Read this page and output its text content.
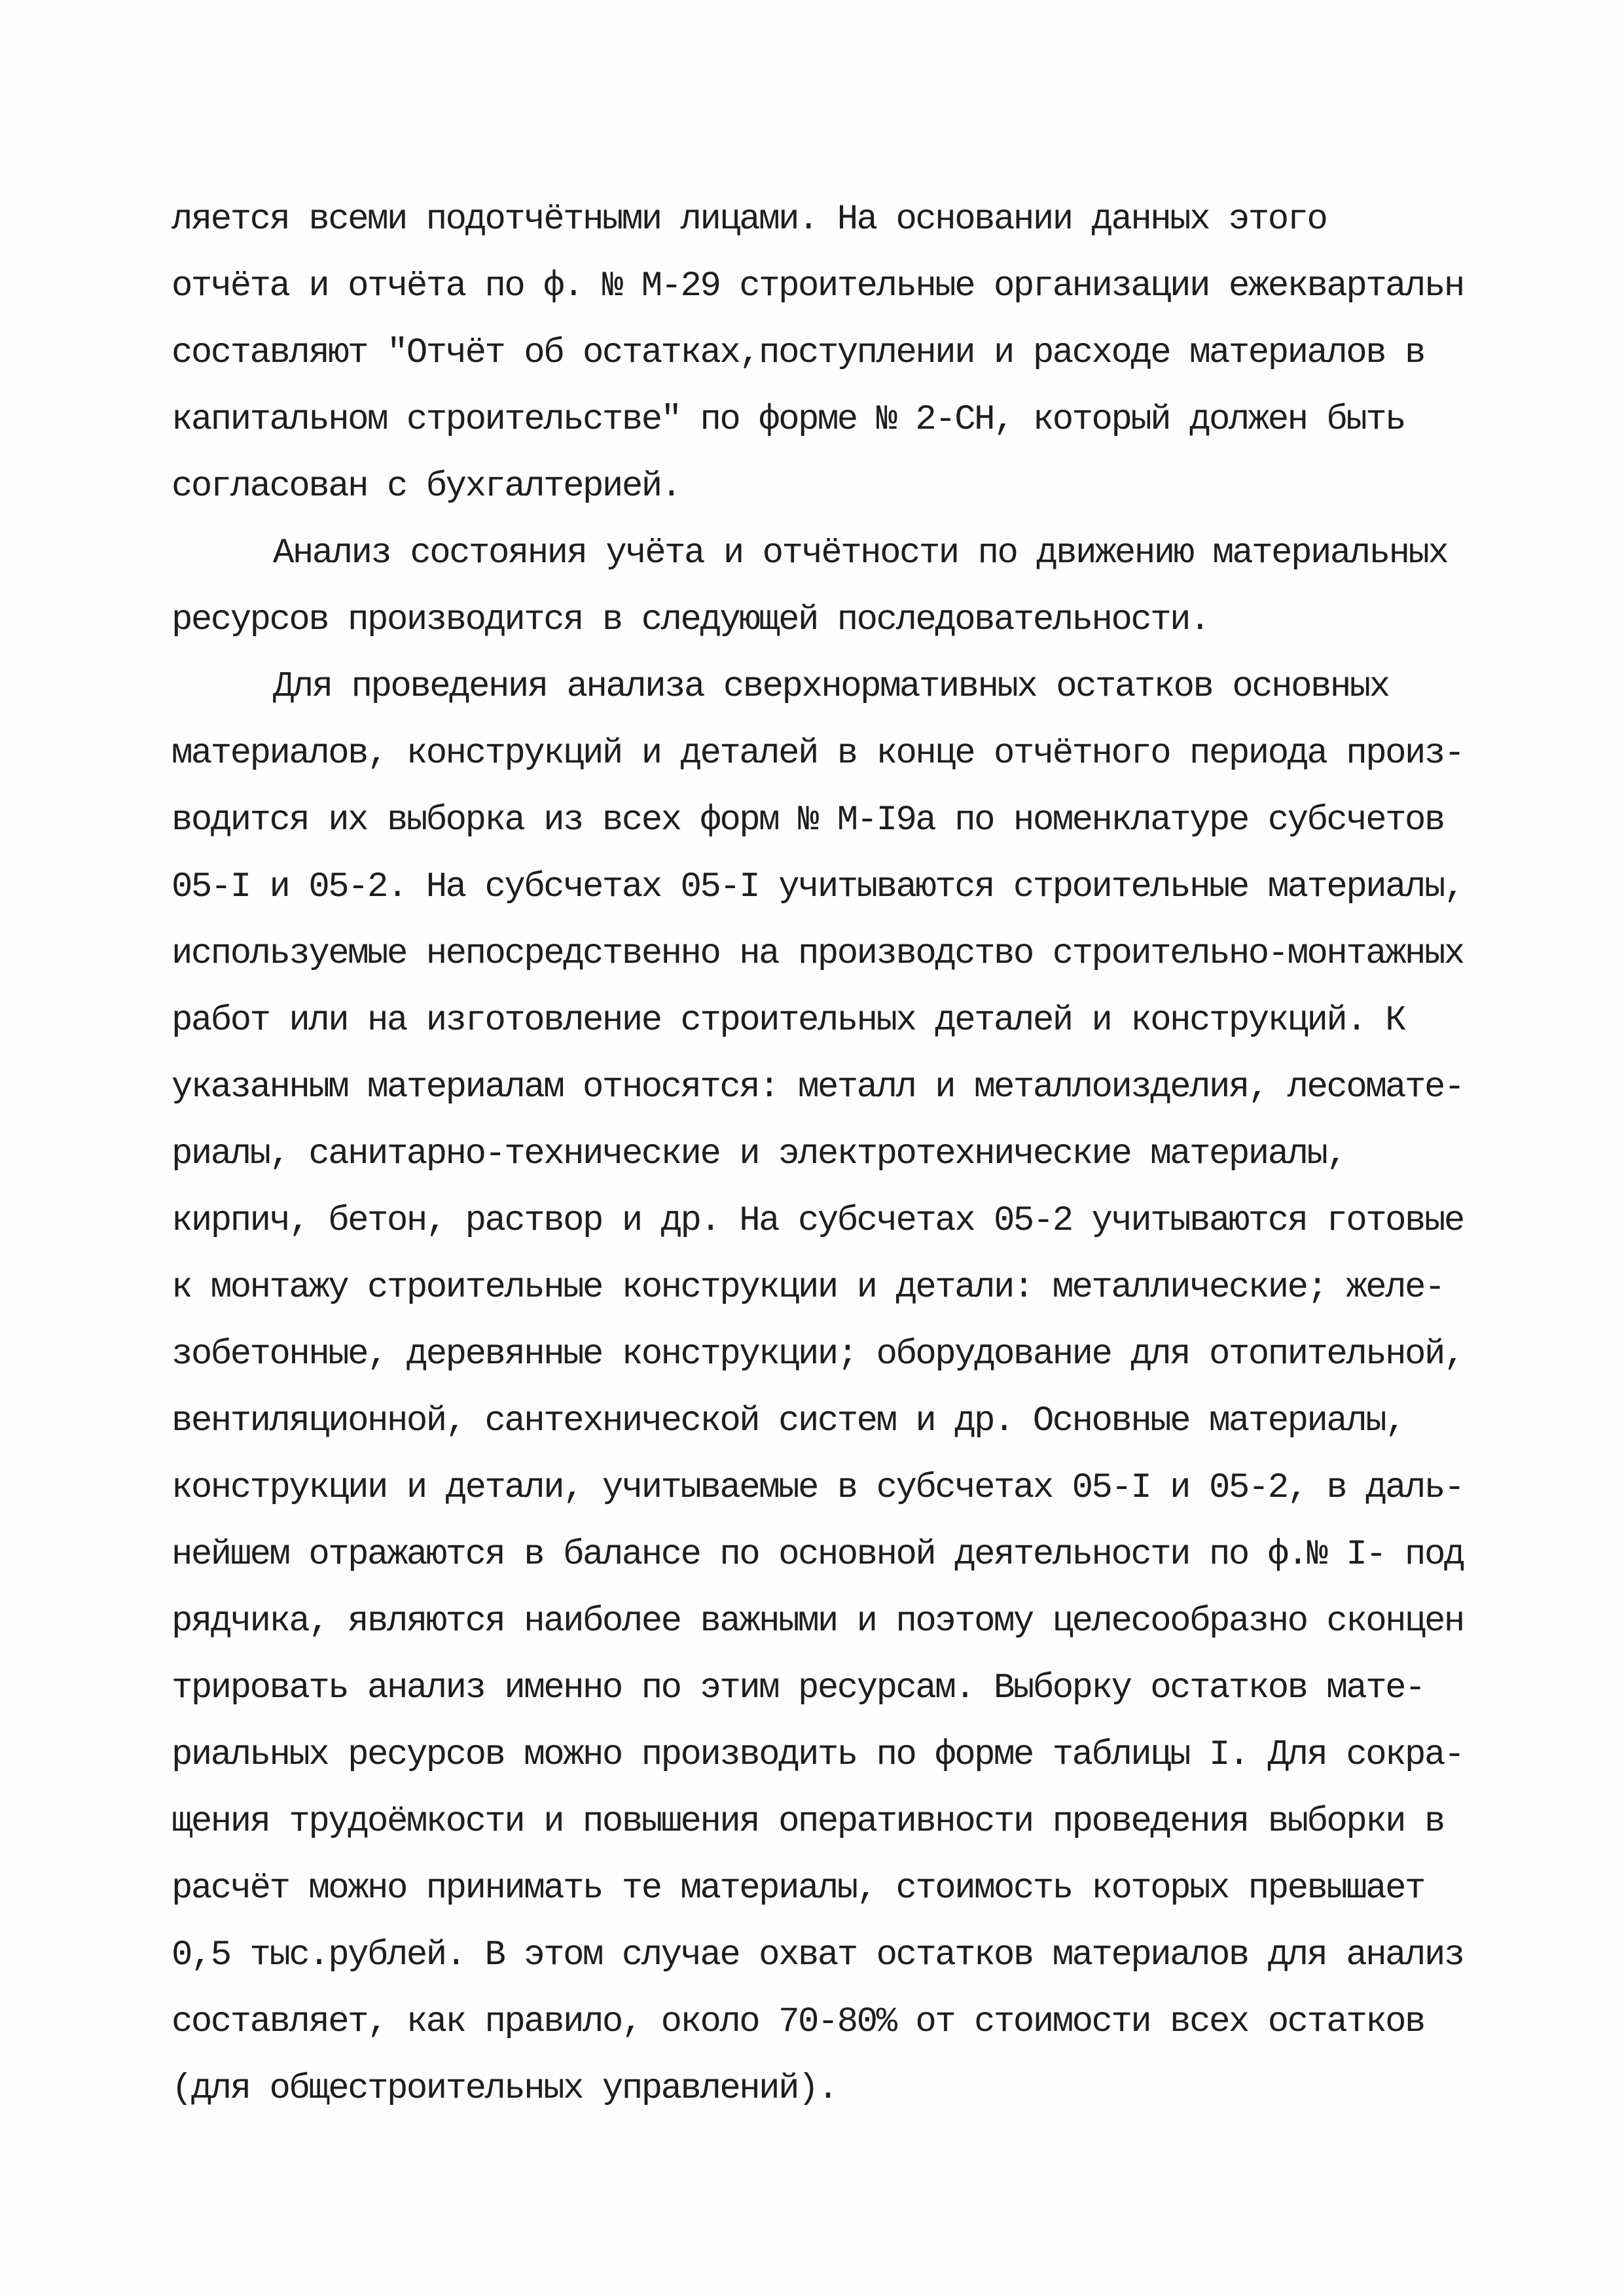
ляется всеми подотчётными лицами. На основании данных этого
отчёта и отчёта по ф. № М-29 строительные организации ежеквартальн
составляют "Отчёт об остатках,поступлении и расходе материалов в
капитальном строительстве" по форме № 2-СН, который должен быть
согласован с бухгалтерией.
Анализ состояния учёта и отчётности по движению материальных
ресурсов производится в следующей последовательности.
Для проведения анализа сверхнормативных остатков основных
материалов, конструкций и деталей в конце отчётного периода произ-
водится их выборка из всех форм № М-I9а по номенклатуре субсчетов
05-I и 05-2. На субсчетах 05-I учитываются строительные материалы,
используемые непосредственно на производство строительно-монтажных
работ или на изготовление строительных деталей и конструкций. К
указанным материалам относятся: металл и металлоизделия, лесомате-
риалы, санитарно-технические и электротехнические материалы,
кирпич, бетон, раствор и др. На субсчетах 05-2 учитываются готовые
к монтажу строительные конструкции и детали: металлические; желе-
зобетонные, деревянные конструкции; оборудование для отопительной,
вентиляционной, сантехнической систем и др. Основные материалы,
конструкции и детали, учитываемые в субсчетах 05-I и 05-2, в даль-
нейшем отражаются в балансе по основной деятельности по ф.№ I- под
рядчика, являются наиболее важными и поэтому целесообразно сконцен
трировать анализ именно по этим ресурсам. Выборку остатков мате-
риальных ресурсов можно производить по форме таблицы I. Для сокра-
щения трудоёмкости и повышения оперативности проведения выборки в
расчёт можно принимать те материалы, стоимость которых превышает
0,5 тыс.рублей. В этом случае охват остатков материалов для анализ
составляет, как правило, около 70-80% от стоимости всех остатков
(для общестроительных управлений).
